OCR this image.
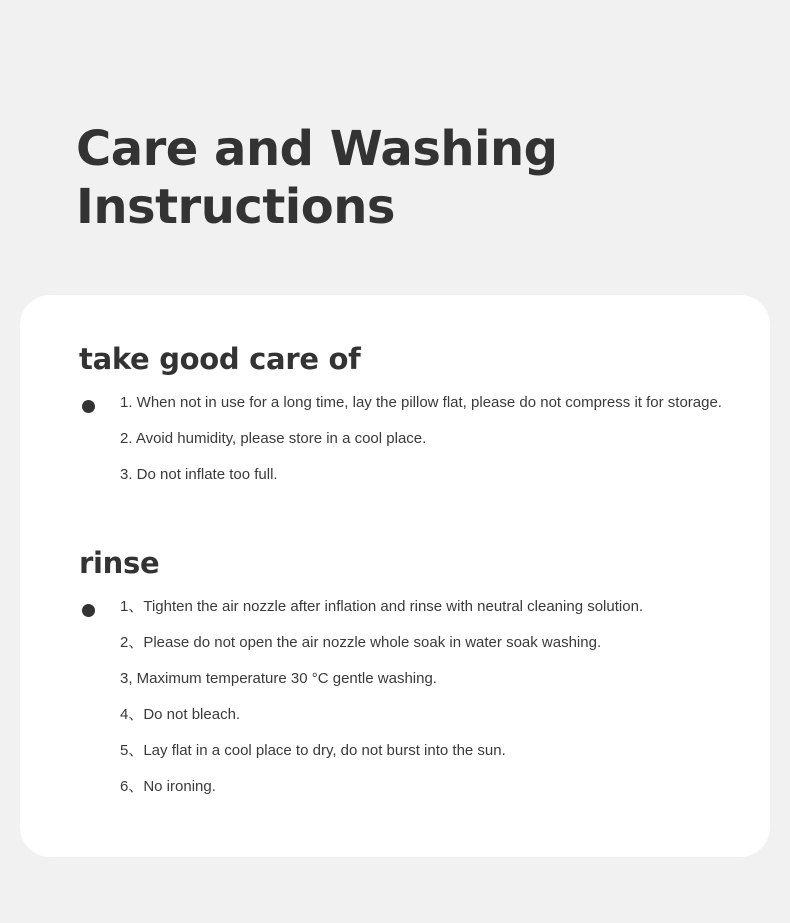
Care and Washing Instructions
take good care of
1. When not in use for a long time, lay the pillow flat, please do not compress it for storage.
2. Avoid humidity, please store in a cool place.
3. Do not inflate too full.
rinse
1、Tighten the air nozzle after inflation and rinse with neutral cleaning solution.
2、Please do not open the air nozzle whole soak in water soak washing.
3, Maximum temperature 30 °C gentle washing.
4、Do not bleach.
5、Lay flat in a cool place to dry, do not burst into the sun.
6、No ironing.
